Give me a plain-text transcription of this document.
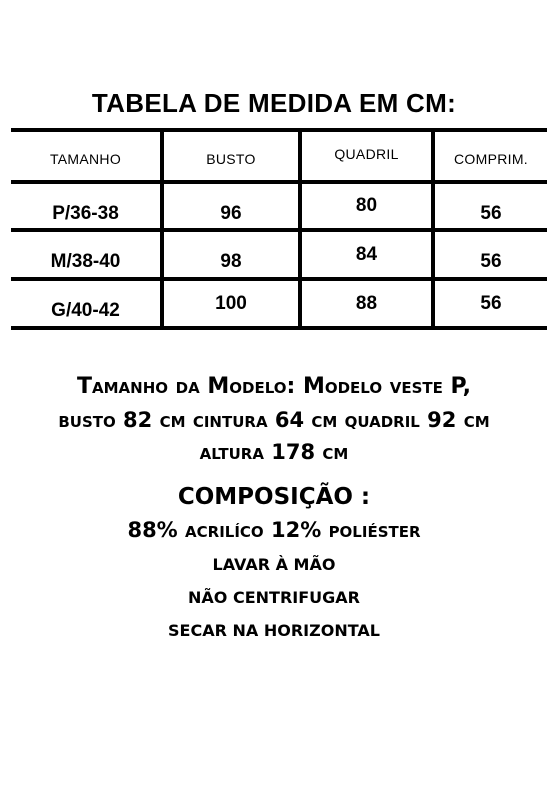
TABELA DE MEDIDA EM CM:
TAMANHO	BUSTO	QUADRIL	COMPRIM.
P/36-38	96	80	56
M/38-40	98	84	56
G/40-42	100	88	56
Tamanho da Modelo: Modelo veste P,
busto 82 cm cintura 64 cm quadril 92 cm
altura 178 cm
COMPOSIÇÃO :
88% acrilíco 12% poliéster
LAVAR À MÃO
NÃO CENTRIFUGAR
SECAR NA HORIZONTAL
